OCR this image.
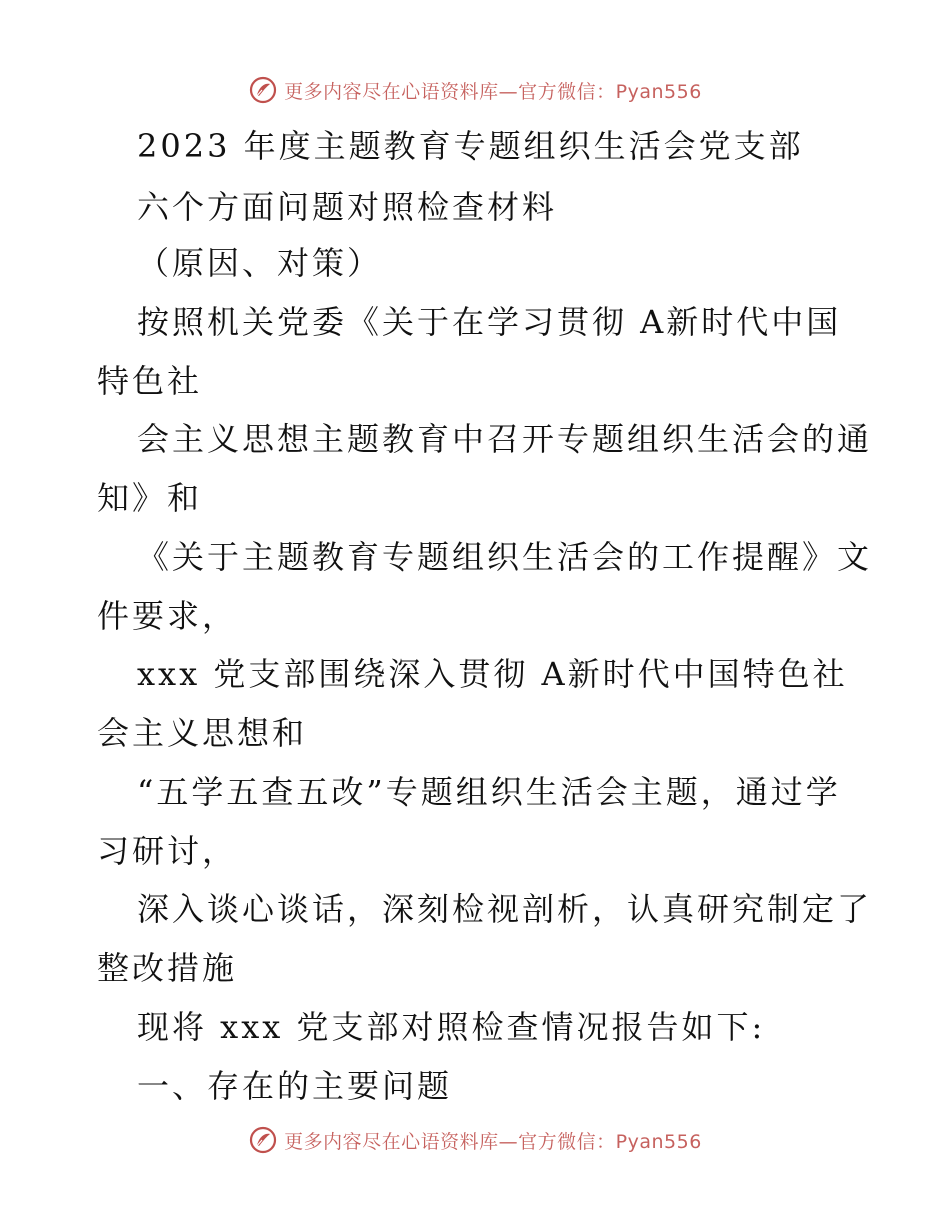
更多内容尽在心语资料库—官方微信：Pyan556
2023 年度主题教育专题组织生活会党支部
六个方面问题对照检查材料
（原因、对策）
按照机关党委《关于在学习贯彻 A新时代中国
特色社
会主义思想主题教育中召开专题组织生活会的通
知》和
《关于主题教育专题组织生活会的工作提醒》文
件要求，
xxx 党支部围绕深入贯彻 A新时代中国特色社
会主义思想和
“五学五查五改”专题组织生活会主题，通过学
习研讨，
深入谈心谈话，深刻检视剖析，认真研究制定了
整改措施
现将 xxx 党支部对照检查情况报告如下:
一、存在的主要问题
更多内容尽在心语资料库—官方微信：Pyan556
